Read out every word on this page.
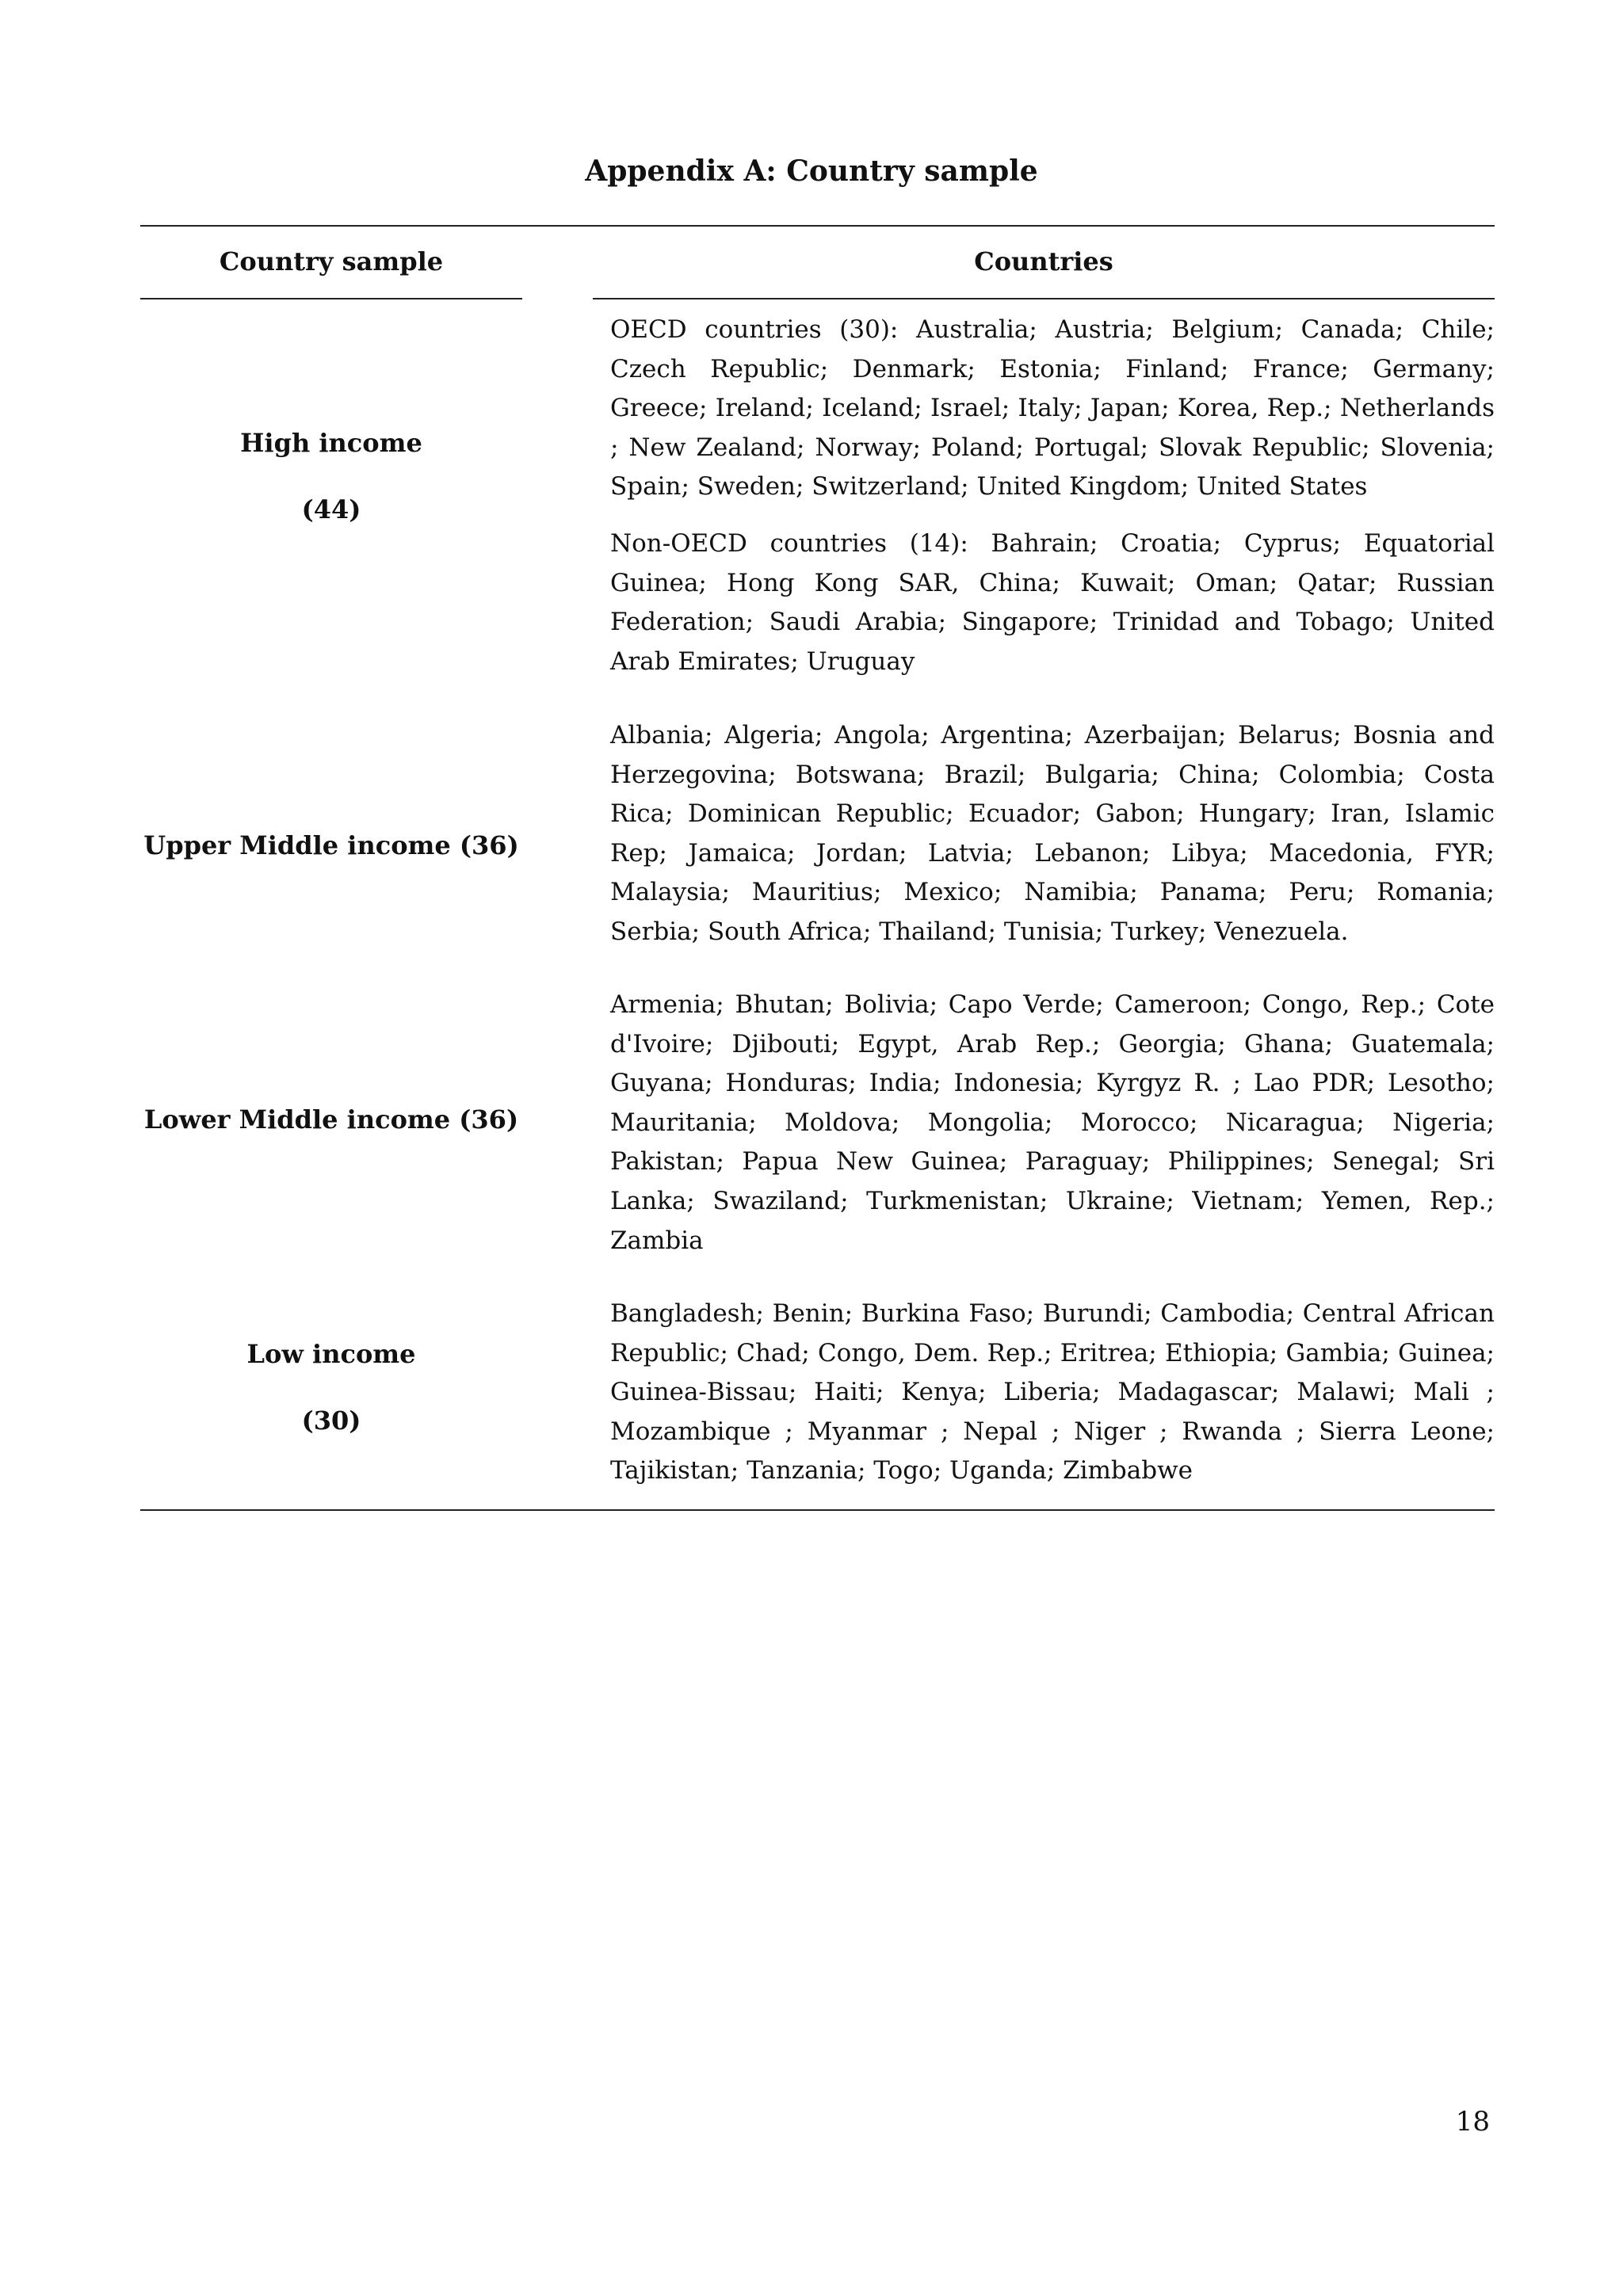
Appendix A: Country sample
Country sample	Countries
High income
(44)

OECD countries (30): Australia; Austria; Belgium; Canada; Chile; Czech Republic; Denmark; Estonia; Finland; France; Germany; Greece; Ireland; Iceland; Israel; Italy; Japan; Korea, Rep.; Netherlands ; New Zealand; Norway; Poland; Portugal; Slovak Republic; Slovenia; Spain; Sweden; Switzerland; United Kingdom; United States

Non-OECD countries (14): Bahrain; Croatia; Cyprus; Equatorial Guinea; Hong Kong SAR, China; Kuwait; Oman; Qatar; Russian Federation; Saudi Arabia; Singapore; Trinidad and Tobago; United Arab Emirates; Uruguay

Upper Middle income (36)

Albania; Algeria; Angola; Argentina; Azerbaijan; Belarus; Bosnia and Herzegovina; Botswana; Brazil; Bulgaria; China; Colombia; Costa Rica; Dominican Republic; Ecuador; Gabon; Hungary; Iran, Islamic Rep; Jamaica; Jordan; Latvia; Lebanon; Libya; Macedonia, FYR; Malaysia; Mauritius; Mexico; Namibia; Panama; Peru; Romania; Serbia; South Africa; Thailand; Tunisia; Turkey; Venezuela.

Lower Middle income (36)

Armenia; Bhutan; Bolivia; Capo Verde; Cameroon; Congo, Rep.; Cote d'Ivoire; Djibouti; Egypt, Arab Rep.; Georgia; Ghana; Guatemala; Guyana; Honduras; India; Indonesia; Kyrgyz R. ; Lao PDR; Lesotho; Mauritania; Moldova; Mongolia; Morocco; Nicaragua; Nigeria; Pakistan; Papua New Guinea; Paraguay; Philippines; Senegal; Sri Lanka; Swaziland; Turkmenistan; Ukraine; Vietnam; Yemen, Rep.; Zambia

Low income
(30)

Bangladesh; Benin; Burkina Faso; Burundi; Cambodia; Central African Republic; Chad; Congo, Dem. Rep.; Eritrea; Ethiopia; Gambia; Guinea; Guinea-Bissau; Haiti; Kenya; Liberia; Madagascar; Malawi; Mali ; Mozambique ; Myanmar ; Nepal ; Niger ; Rwanda ; Sierra Leone; Tajikistan; Tanzania; Togo; Uganda; Zimbabwe

18
